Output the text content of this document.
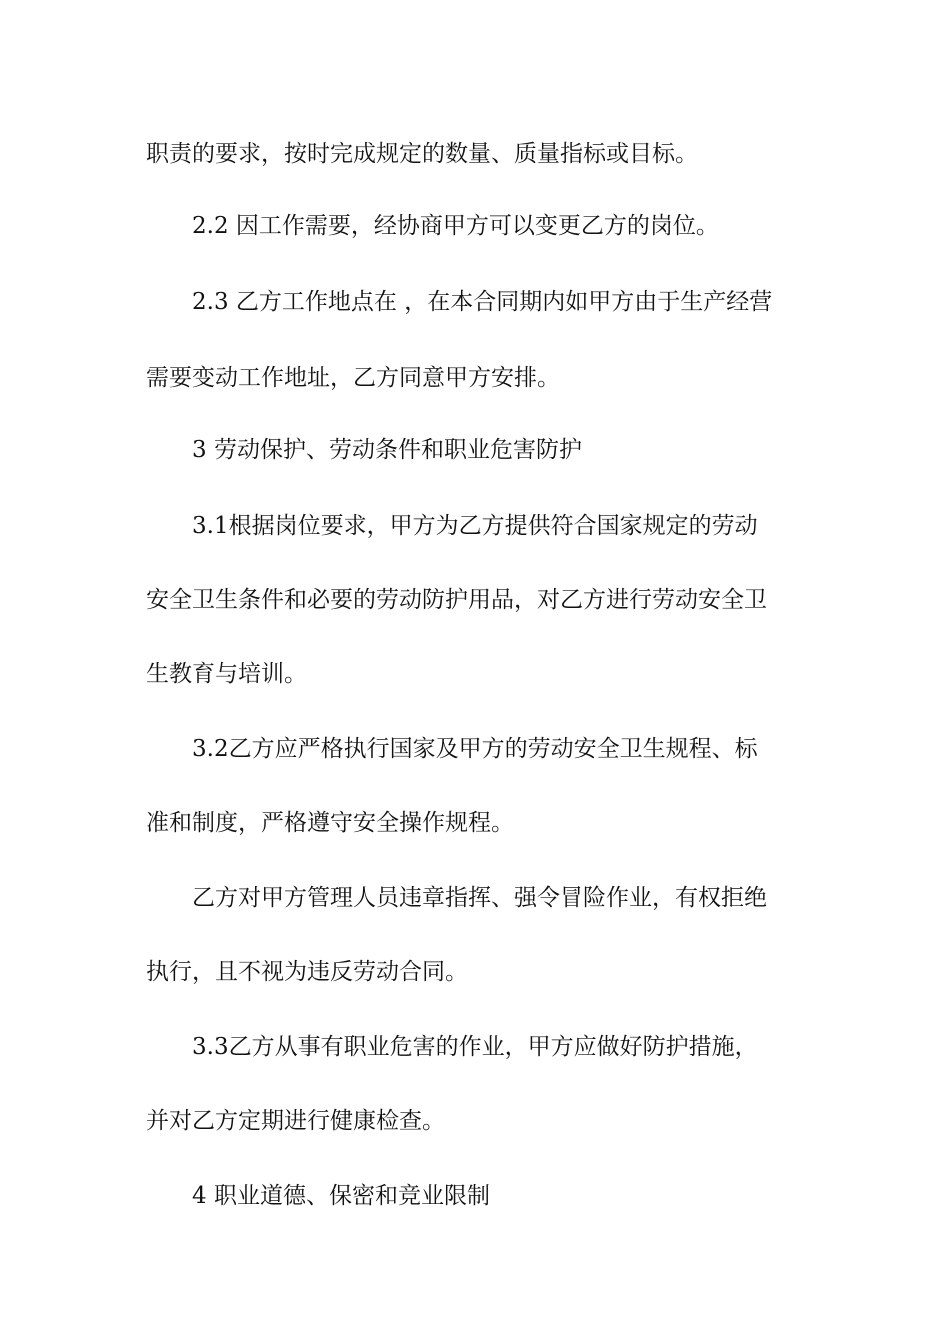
职责的要求，按时完成规定的数量、质量指标或目标。
2.2 因工作需要，经协商甲方可以变更乙方的岗位。
2.3 乙方工作地点在 ，在本合同期内如甲方由于生产经营
需要变动工作地址，乙方同意甲方安排。
3 劳动保护、劳动条件和职业危害防护
3.1根据岗位要求，甲方为乙方提供符合国家规定的劳动
安全卫生条件和必要的劳动防护用品，对乙方进行劳动安全卫
生教育与培训。
3.2乙方应严格执行国家及甲方的劳动安全卫生规程、标
准和制度，严格遵守安全操作规程。
乙方对甲方管理人员违章指挥、强令冒险作业，有权拒绝
执行，且不视为违反劳动合同。
3.3乙方从事有职业危害的作业，甲方应做好防护措施，
并对乙方定期进行健康检查。
4 职业道德、保密和竞业限制
